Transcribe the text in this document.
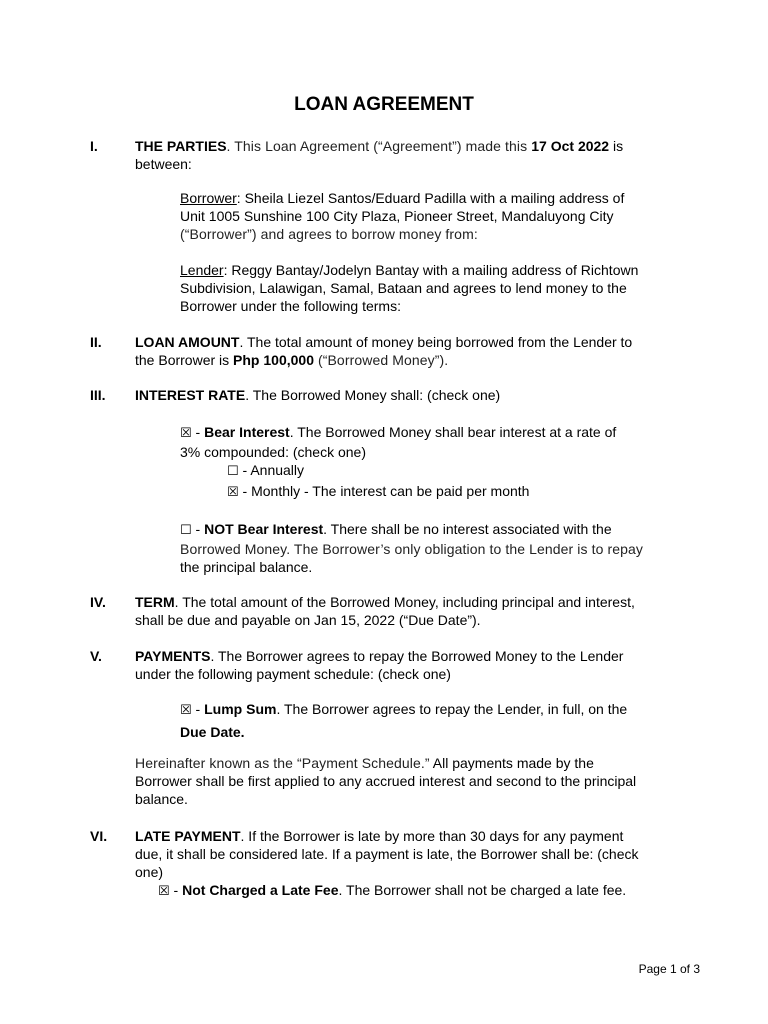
LOAN AGREEMENT
I.	THE PARTIES. This Loan Agreement (“Agreement”) made this 17 Oct 2022 is
between:
Borrower: Sheila Liezel Santos/Eduard Padilla with a mailing address of
Unit 1005 Sunshine 100 City Plaza, Pioneer Street, Mandaluyong City
(“Borrower”) and agrees to borrow money from:
Lender: Reggy Bantay/Jodelyn Bantay with a mailing address of Richtown
Subdivision, Lalawigan, Samal, Bataan and agrees to lend money to the
Borrower under the following terms:
II. LOAN AMOUNT. The total amount of money being borrowed from the Lender to
the Borrower is Php 100,000 (“Borrowed Money”).
III. INTEREST RATE. The Borrowed Money shall: (check one)
☒ - Bear Interest. The Borrowed Money shall bear interest at a rate of
3% compounded: (check one)
☐ - Annually
☒ - Monthly - The interest can be paid per month
☐ - NOT Bear Interest. There shall be no interest associated with the
Borrowed Money. The Borrower’s only obligation to the Lender is to repay
the principal balance.
IV. TERM. The total amount of the Borrowed Money, including principal and interest,
shall be due and payable on Jan 15, 2022 (“Due Date”).
V. PAYMENTS. The Borrower agrees to repay the Borrowed Money to the Lender
under the following payment schedule: (check one)
☒ - Lump Sum. The Borrower agrees to repay the Lender, in full, on the
Due Date.
Hereinafter known as the “Payment Schedule.” All payments made by the
Borrower shall be first applied to any accrued interest and second to the principal
balance.
VI. LATE PAYMENT. If the Borrower is late by more than 30 days for any payment
due, it shall be considered late. If a payment is late, the Borrower shall be: (check
one)
☒ - Not Charged a Late Fee. The Borrower shall not be charged a late fee.
Page 1 of 3
